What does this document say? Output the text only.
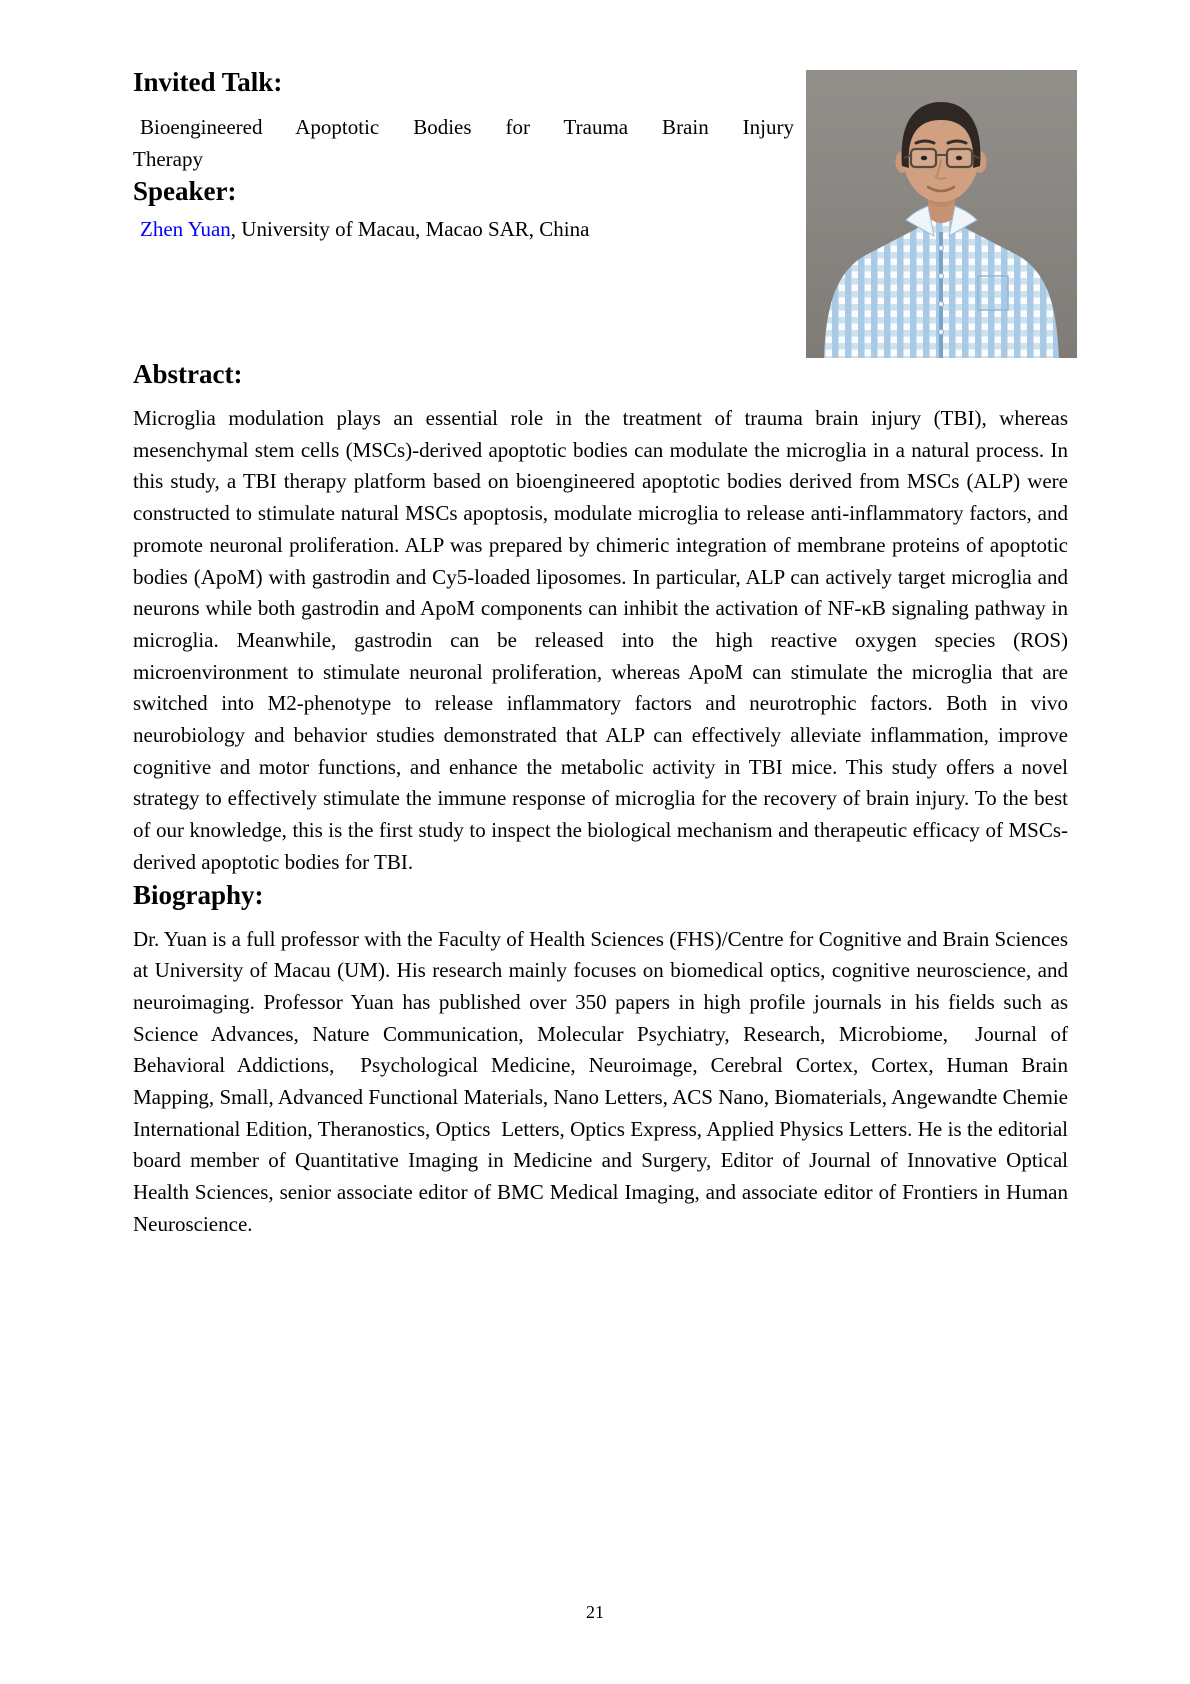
Invited Talk:

Bioengineered Apoptotic Bodies for Trauma Brain Injury Therapy

Speaker:

Zhen Yuan, University of Macau, Macao SAR, China

Abstract:

Microglia modulation plays an essential role in the treatment of trauma brain injury (TBI), whereas mesenchymal stem cells (MSCs)-derived apoptotic bodies can modulate the microglia in a natural process. In this study, a TBI therapy platform based on bioengineered apoptotic bodies derived from MSCs (ALP) were constructed to stimulate natural MSCs apoptosis, modulate microglia to release anti-inflammatory factors, and promote neuronal proliferation. ALP was prepared by chimeric integration of membrane proteins of apoptotic bodies (ApoM) with gastrodin and Cy5-loaded liposomes. In particular, ALP can actively target microglia and neurons while both gastrodin and ApoM components can inhibit the activation of NF-κB signaling pathway in microglia. Meanwhile, gastrodin can be released into the high reactive oxygen species (ROS) microenvironment to stimulate neuronal proliferation, whereas ApoM can stimulate the microglia that are switched into M2-phenotype to release inflammatory factors and neurotrophic factors. Both in vivo neurobiology and behavior studies demonstrated that ALP can effectively alleviate inflammation, improve cognitive and motor functions, and enhance the metabolic activity in TBI mice. This study offers a novel strategy to effectively stimulate the immune response of microglia for the recovery of brain injury. To the best of our knowledge, this is the first study to inspect the biological mechanism and therapeutic efficacy of MSCs-derived apoptotic bodies for TBI.

Biography:

Dr. Yuan is a full professor with the Faculty of Health Sciences (FHS)/Centre for Cognitive and Brain Sciences at University of Macau (UM). His research mainly focuses on biomedical optics, cognitive neuroscience, and neuroimaging. Professor Yuan has published over 350 papers in high profile journals in his fields such as Science Advances, Nature Communication, Molecular Psychiatry, Research, Microbiome,  Journal of Behavioral Addictions,  Psychological Medicine, Neuroimage, Cerebral Cortex, Cortex, Human Brain Mapping, Small, Advanced Functional Materials, Nano Letters, ACS Nano, Biomaterials, Angewandte Chemie International Edition, Theranostics, Optics  Letters, Optics Express, Applied Physics Letters. He is the editorial board member of Quantitative Imaging in Medicine and Surgery, Editor of Journal of Innovative Optical Health Sciences, senior associate editor of BMC Medical Imaging, and associate editor of Frontiers in Human Neuroscience.

21
